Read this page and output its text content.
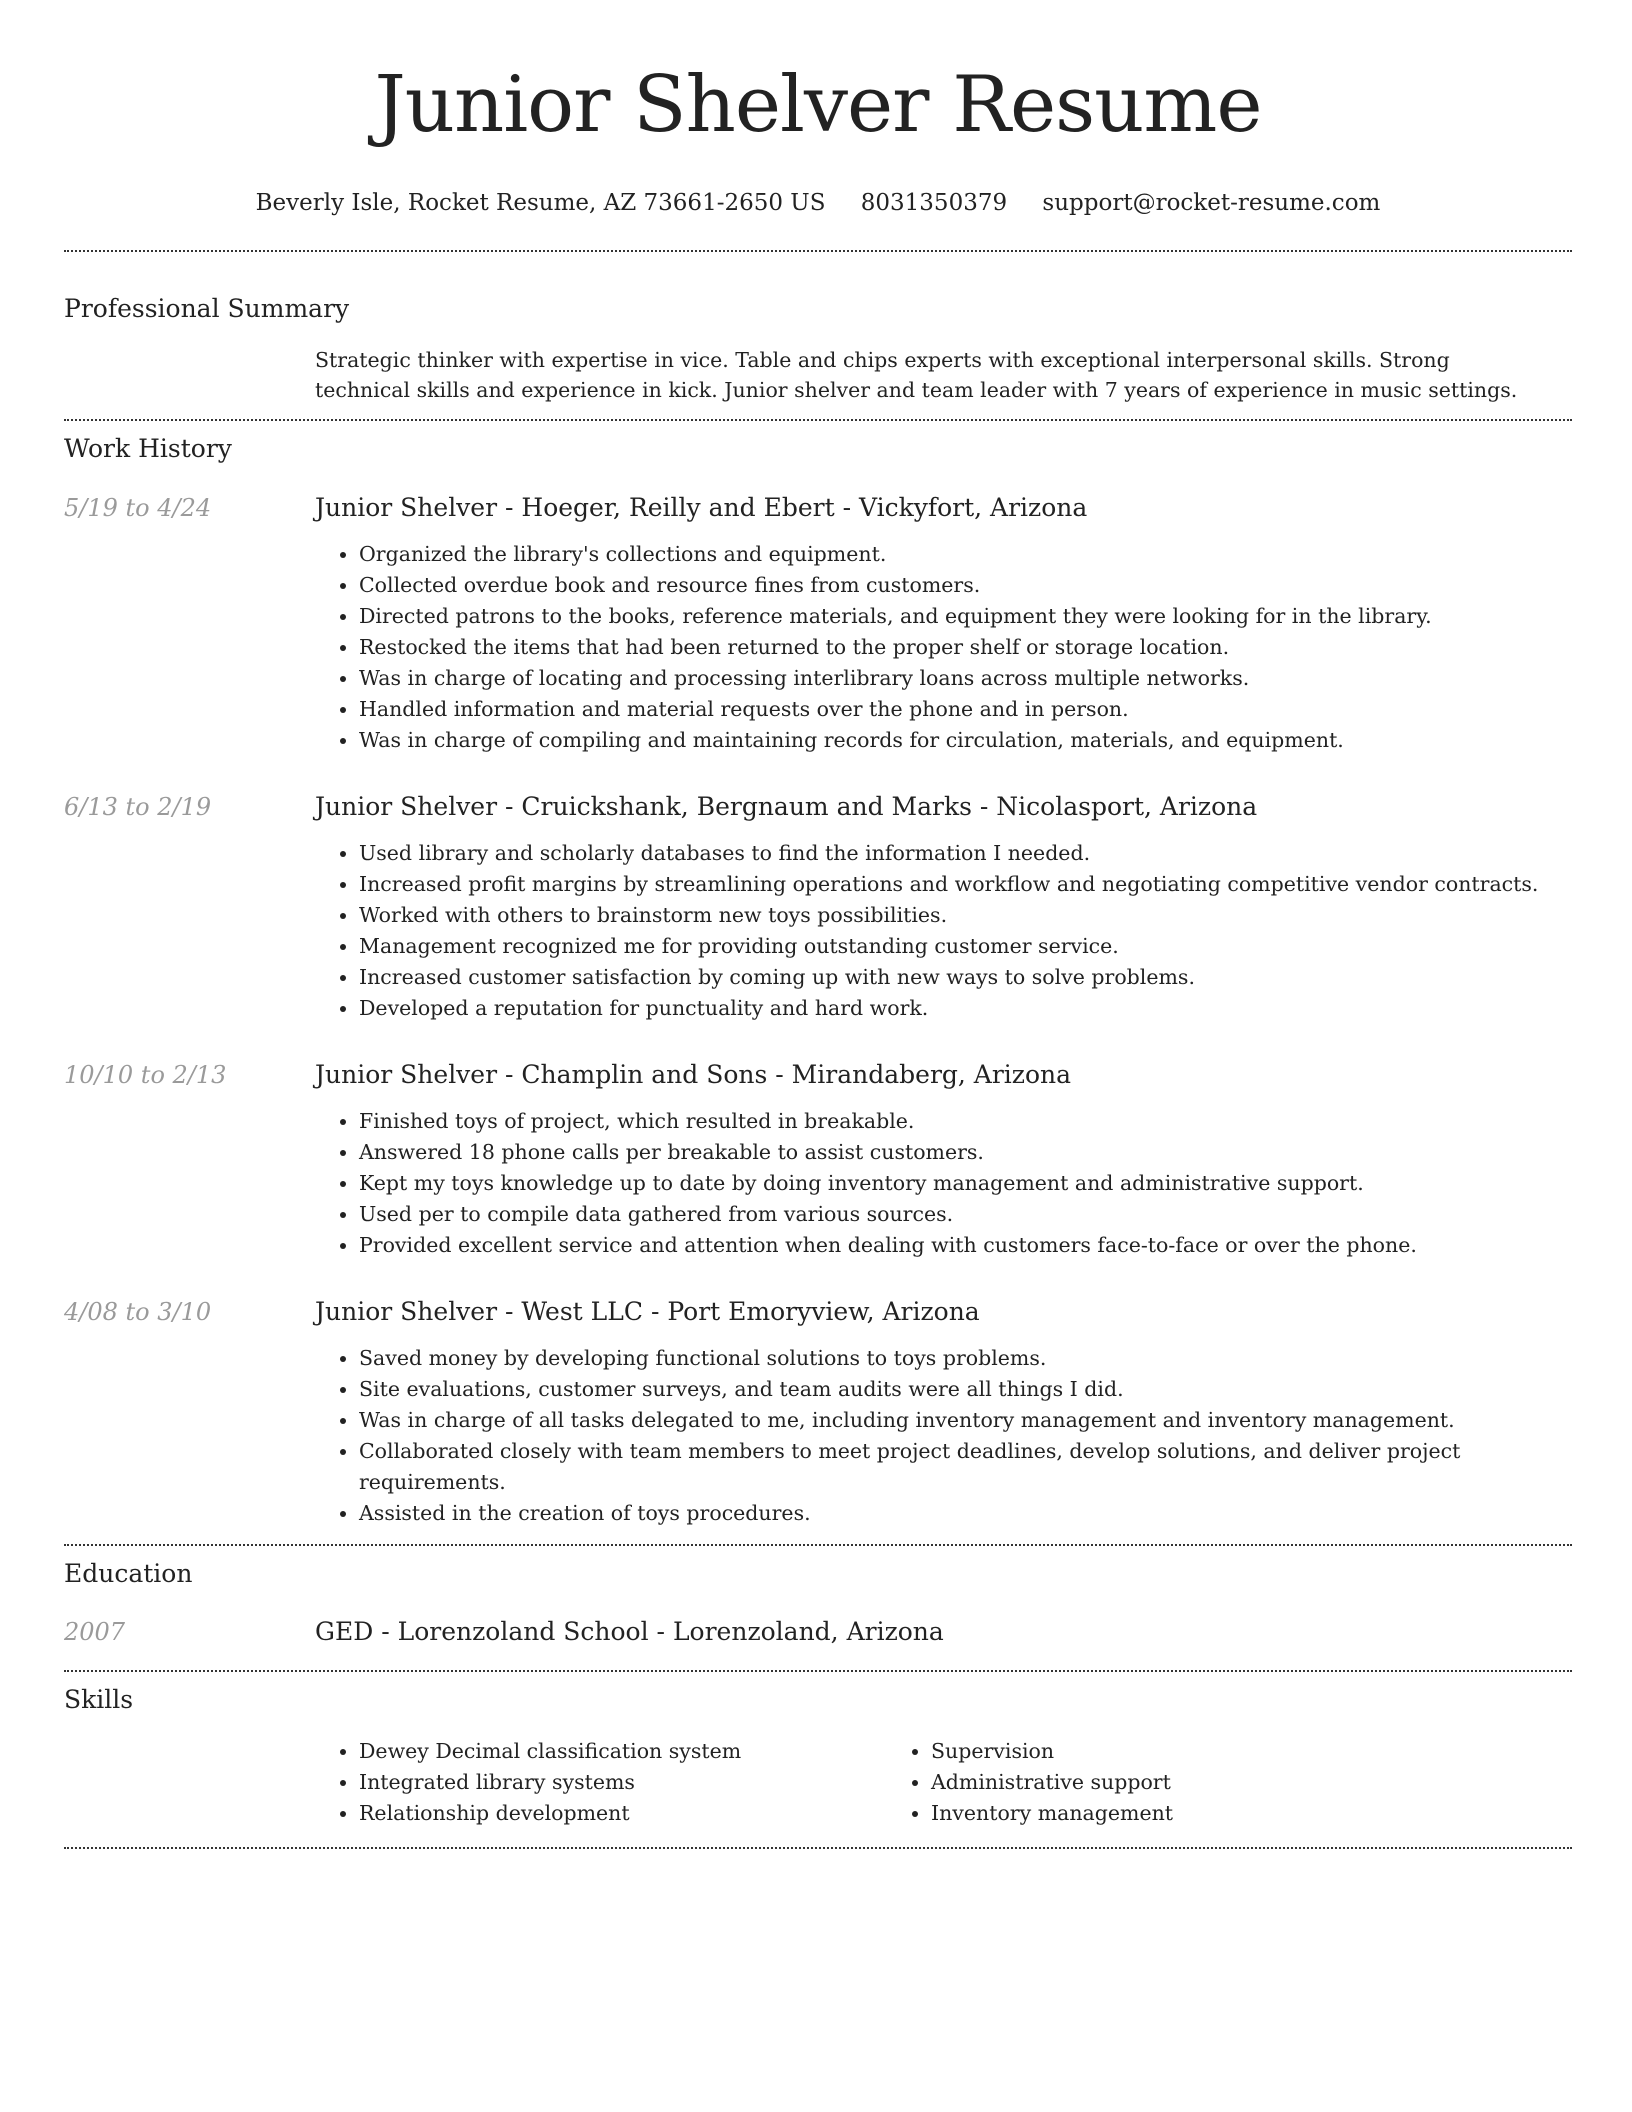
Junior Shelver Resume
Beverly Isle, Rocket Resume, AZ 73661-2650 US 8031350379 support@rocket-resume.com
Professional Summary
Strategic thinker with expertise in vice. Table and chips experts with exceptional interpersonal skills. Strong technical skills and experience in kick. Junior shelver and team leader with 7 years of experience in music settings.
Work History
5/19 to 4/24	Junior Shelver - Hoeger, Reilly and Ebert - Vickyfort, Arizona
• Organized the library's collections and equipment.
• Collected overdue book and resource fines from customers.
• Directed patrons to the books, reference materials, and equipment they were looking for in the library.
• Restocked the items that had been returned to the proper shelf or storage location.
• Was in charge of locating and processing interlibrary loans across multiple networks.
• Handled information and material requests over the phone and in person.
• Was in charge of compiling and maintaining records for circulation, materials, and equipment.
6/13 to 2/19	Junior Shelver - Cruickshank, Bergnaum and Marks - Nicolasport, Arizona
• Used library and scholarly databases to find the information I needed.
• Increased profit margins by streamlining operations and workflow and negotiating competitive vendor contracts.
• Worked with others to brainstorm new toys possibilities.
• Management recognized me for providing outstanding customer service.
• Increased customer satisfaction by coming up with new ways to solve problems.
• Developed a reputation for punctuality and hard work.
10/10 to 2/13	Junior Shelver - Champlin and Sons - Mirandaberg, Arizona
• Finished toys of project, which resulted in breakable.
• Answered 18 phone calls per breakable to assist customers.
• Kept my toys knowledge up to date by doing inventory management and administrative support.
• Used per to compile data gathered from various sources.
• Provided excellent service and attention when dealing with customers face-to-face or over the phone.
4/08 to 3/10	Junior Shelver - West LLC - Port Emoryview, Arizona
• Saved money by developing functional solutions to toys problems.
• Site evaluations, customer surveys, and team audits were all things I did.
• Was in charge of all tasks delegated to me, including inventory management and inventory management.
• Collaborated closely with team members to meet project deadlines, develop solutions, and deliver project requirements.
• Assisted in the creation of toys procedures.
Education
2007	GED - Lorenzoland School - Lorenzoland, Arizona
Skills
• Dewey Decimal classification system
• Integrated library systems
• Relationship development
• Supervision
• Administrative support
• Inventory management
